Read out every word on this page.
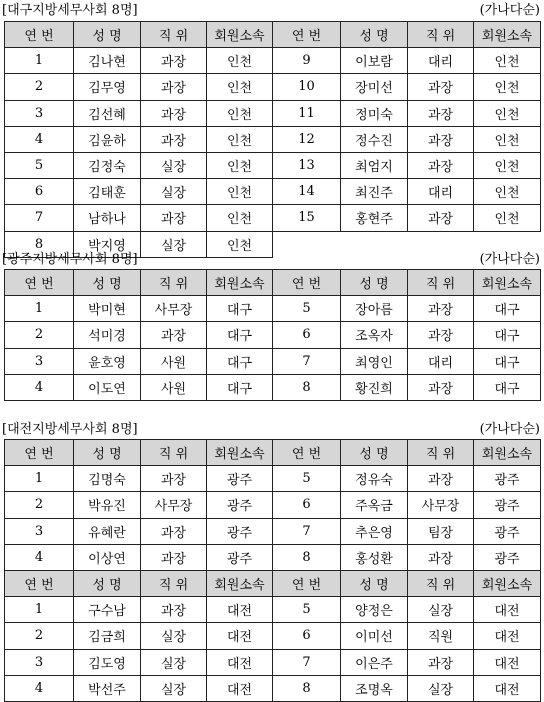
[대구지방세무사회 8명]	(가나다순)
연 번	성 명	직 위	회원소속	연 번	성 명	직 위	회원소속
1	김나현	과장	인천	9	이보람	대리	인천
2	김무영	과장	인천	10	장미선	과장	인천
3	김선혜	과장	인천	11	정미숙	과장	인천
4	김윤하	과장	인천	12	정수진	과장	인천
5	김정숙	실장	인천	13	최엄지	과장	인천
6	김태훈	실장	인천	14	최진주	대리	인천
7	남하나	과장	인천	15	홍현주	과장	인천
8	박지영	실장	인천				
[광주지방세무사회 8명]	(가나다순)
연 번	성 명	직 위	회원소속	연 번	성 명	직 위	회원소속
1	박미현	사무장	대구	5	장아름	과장	대구
2	석미경	과장	대구	6	조옥자	과장	대구
3	윤호영	사원	대구	7	최영인	대리	대구
4	이도연	사원	대구	8	황진희	과장	대구
[대전지방세무사회 8명]	(가나다순)
연 번	성 명	직 위	회원소속	연 번	성 명	직 위	회원소속
1	김명숙	과장	광주	5	정유숙	과장	광주
2	박유진	사무장	광주	6	주옥금	사무장	광주
3	유혜란	과장	광주	7	추은영	팀장	광주
4	이상연	과장	광주	8	홍성환	과장	광주
연 번	성 명	직 위	회원소속	연 번	성 명	직 위	회원소속
1	구수남	과장	대전	5	양정은	실장	대전
2	김금희	실장	대전	6	이미선	직원	대전
3	김도영	실장	대전	7	이은주	과장	대전
4	박선주	실장	대전	8	조명옥	실장	대전
